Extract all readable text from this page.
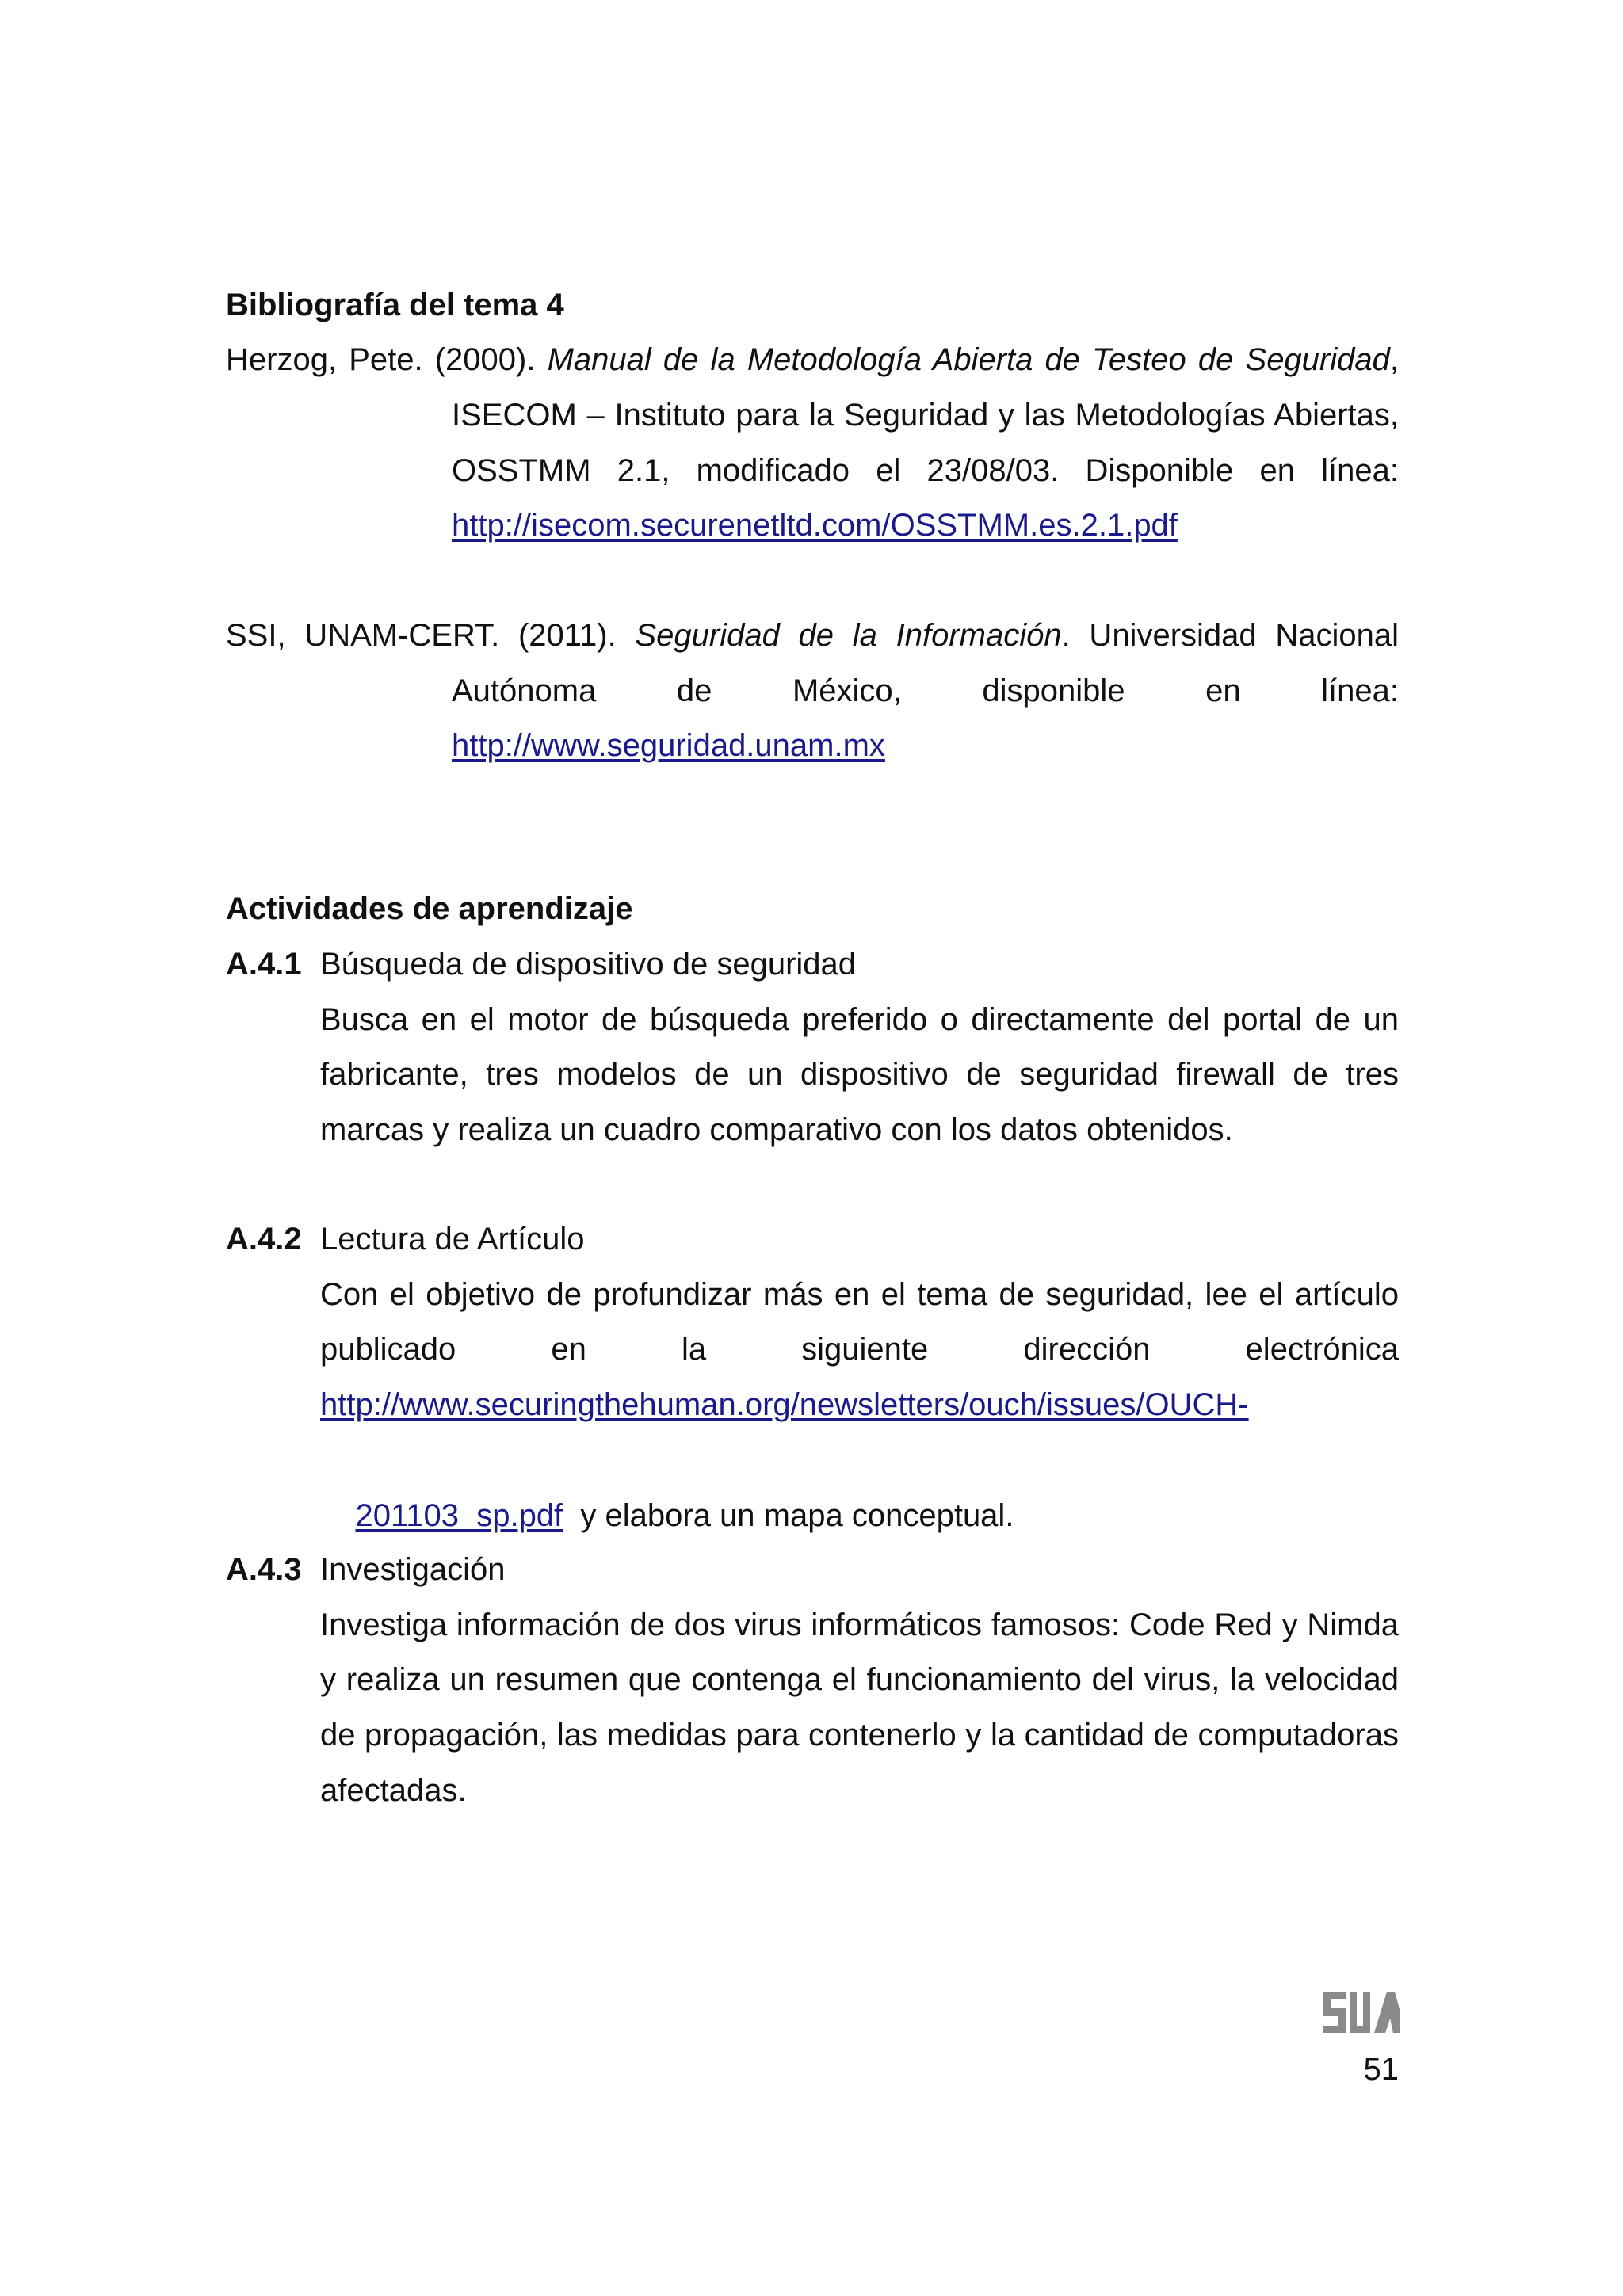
Bibliografía del tema 4
Herzog, Pete. (2000). Manual de la Metodología Abierta de Testeo de Seguridad,
ISECOM – Instituto para la Seguridad y las Metodologías Abiertas,
OSSTMM 2.1, modificado el 23/08/03. Disponible en línea:
http://isecom.securenetltd.com/OSSTMM.es.2.1.pdf
SSI, UNAM-CERT. (2011). Seguridad de la Información. Universidad Nacional
Autónoma de México, disponible en línea:
http://www.seguridad.unam.mx
Actividades de aprendizaje
A.4.1 Búsqueda de dispositivo de seguridad
Busca en el motor de búsqueda preferido o directamente del portal de un
fabricante, tres modelos de un dispositivo de seguridad firewall de tres
marcas y realiza un cuadro comparativo con los datos obtenidos.
A.4.2 Lectura de Artículo
Con el objetivo de profundizar más en el tema de seguridad, lee el artículo
publicado en la siguiente dirección electrónica
http://www.securingthehuman.org/newsletters/ouch/issues/OUCH-

201103_sp.pdf  y elabora un mapa conceptual.

A.4.3 Investigación
Investiga información de dos virus informáticos famosos: Code Red y Nimda
y realiza un resumen que contenga el funcionamiento del virus, la velocidad
de propagación, las medidas para contenerlo y la cantidad de computadoras
afectadas.
51
